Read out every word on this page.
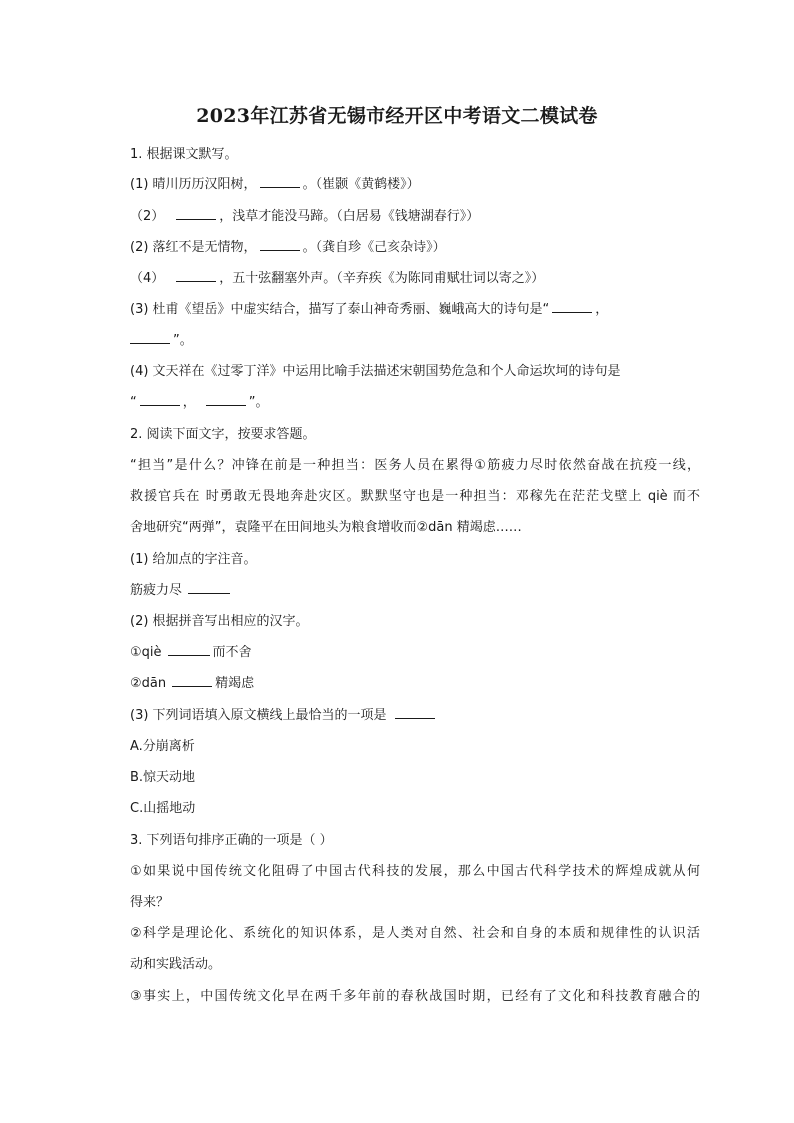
2023年江苏省无锡市经开区中考语文二模试卷
1. 根据课文默写。
(1) 晴川历历汉阳树，	。（崔颢《黄鹤楼》）
（2）	，浅草才能没马蹄。（白居易《钱塘湖春行》）
(2) 落红不是无情物，	。（龚自珍《己亥杂诗》）
（4）	，五十弦翻塞外声。（辛弃疾《为陈同甫赋壮词以寄之》）
(3) 杜甫《望岳》中虚实结合，描写了泰山神奇秀丽、巍峨高大的诗句是“	，
”。
(4) 文天祥在《过零丁洋》中运用比喻手法描述宋朝国势危急和个人命运坎坷的诗句是
“	，	”。
2. 阅读下面文字，按要求答题。
“担当”是什么？冲锋在前是一种担当：医务人员在累得①筋疲力尽时依然奋战在抗疫一线，
救援官兵在 时勇敢无畏地奔赴灾区。默默坚守也是一种担当：邓稼先在茫茫戈壁上 qiè 而不
舍地研究“两弹”，袁隆平在田间地头为粮食增收而②dān 精竭虑……
(1) 给加点的字注音。
筋疲力尽
(2) 根据拼音写出相应的汉字。
①qiè	而不舍
②dān	精竭虑
(3) 下列词语填入原文横线上最恰当的一项是
A.分崩离析
B.惊天动地
C.山摇地动
3. 下列语句排序正确的一项是（ ）
①如果说中国传统文化阻碍了中国古代科技的发展，那么中国古代科学技术的辉煌成就从何
得来？
②科学是理论化、系统化的知识体系，是人类对自然、社会和自身的本质和规律性的认识活
动和实践活动。
③事实上，中国传统文化早在两千多年前的春秋战国时期，已经有了文化和科技教育融合的
